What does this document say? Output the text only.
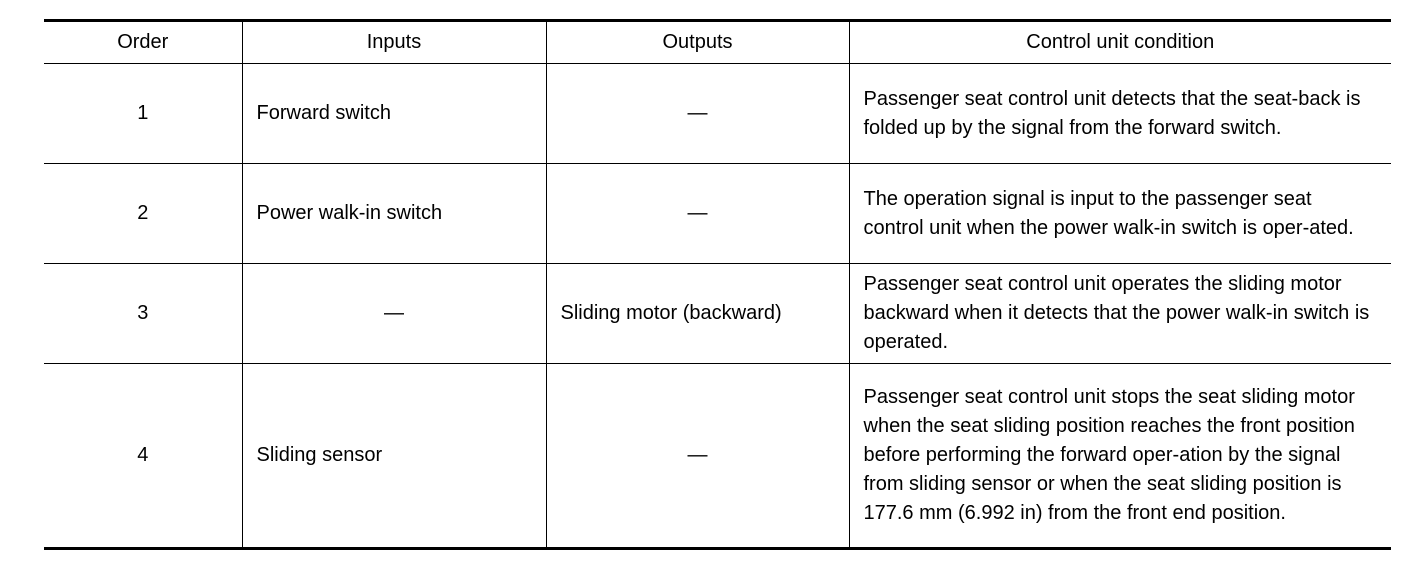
Order	Inputs	Outputs	Control unit condition
1	Forward switch	—	Passenger seat control unit detects that the seat-back is folded up by the signal from the forward switch.
2	Power walk-in switch	—	The operation signal is input to the passenger seat control unit when the power walk-in switch is oper-ated.
3	—	Sliding motor (backward)	Passenger seat control unit operates the sliding motor backward when it detects that the power walk-in switch is operated.
4	Sliding sensor	—	Passenger seat control unit stops the seat sliding motor when the seat sliding position reaches the front position before performing the forward oper-ation by the signal from sliding sensor or when the seat sliding position is 177.6 mm (6.992 in) from the front end position.
